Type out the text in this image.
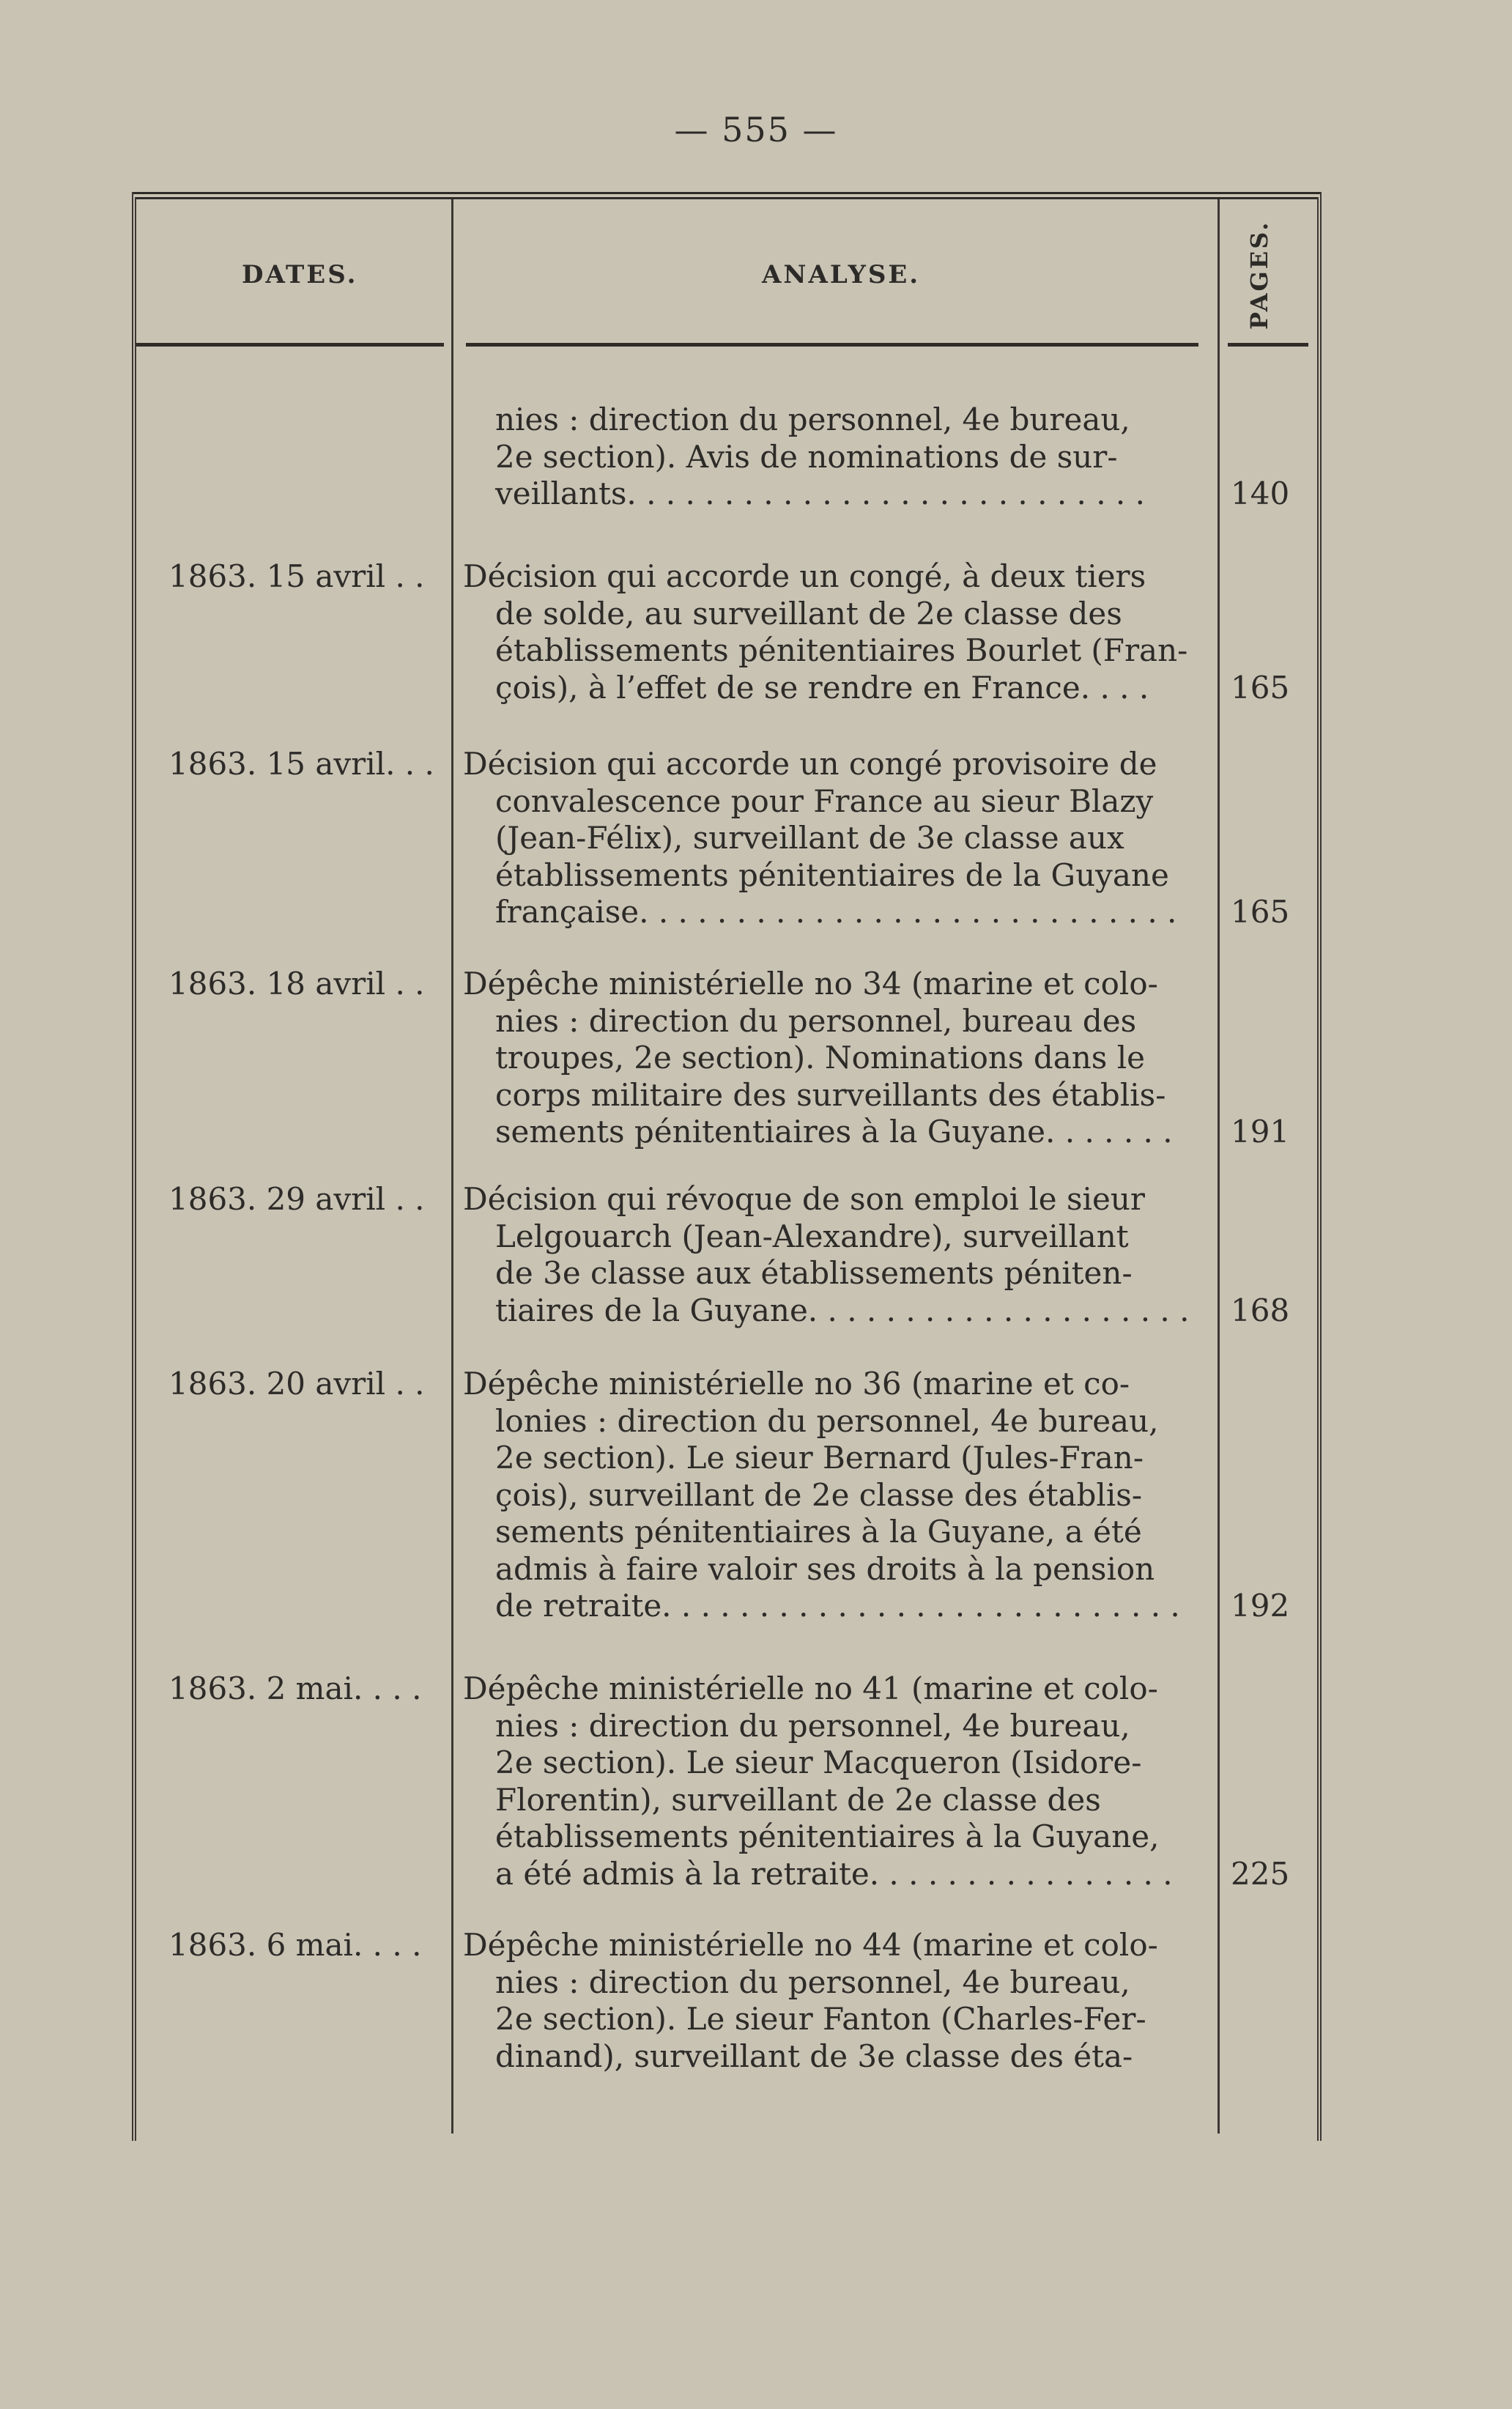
— 555 —
DATES.	ANALYSE.	PAGES.
nies : direction du personnel, 4e bureau,
2e section). Avis de nominations de sur-
veillants. . . . . . . . . . . . . . . . . . . . . . . . . . .	140
1863. 15 avril . .	Décision qui accorde un congé, à deux tiers
de solde, au surveillant de 2e classe des
établissements pénitentiaires Bourlet (Fran-
çois), à l’effet de se rendre en France. . . .	165
1863. 15 avril. . . Décision qui accorde un congé provisoire de
convalescence pour France au sieur Blazy
(Jean-Félix), surveillant de 3e classe aux
établissements pénitentiaires de la Guyane
française. . . . . . . . . . . . . . . . . . . . . . . . . . . .	165
1863. 18 avril . .	Dépêche ministérielle no 34 (marine et colo-
nies : direction du personnel, bureau des
troupes, 2e section). Nominations dans le
corps militaire des surveillants des établis-
sements pénitentiaires à la Guyane. . . . . . .	191
1863. 29 avril . .	Décision qui révoque de son emploi le sieur
Lelgouarch (Jean-Alexandre), surveillant
de 3e classe aux établissements péniten-
tiaires de la Guyane. . . . . . . . . . . . . . . . . . . .	168
1863. 20 avril . .	Dépêche ministérielle no 36 (marine et co-
lonies : direction du personnel, 4e bureau,
2e section). Le sieur Bernard (Jules-Fran-
çois), surveillant de 2e classe des établis-
sements pénitentiaires à la Guyane, a été
admis à faire valoir ses droits à la pension
de retraite. . . . . . . . . . . . . . . . . . . . . . . . . . .	192
1863. 2 mai. . . .	Dépêche ministérielle no 41 (marine et colo-
nies : direction du personnel, 4e bureau,
2e section). Le sieur Macqueron (Isidore-
Florentin), surveillant de 2e classe des
établissements pénitentiaires à la Guyane,
a été admis à la retraite. . . . . . . . . . . . . . . .	225
1863. 6 mai. . . .	Dépêche ministérielle no 44 (marine et colo-
nies : direction du personnel, 4e bureau,
2e section). Le sieur Fanton (Charles-Fer-
dinand), surveillant de 3e classe des éta-
